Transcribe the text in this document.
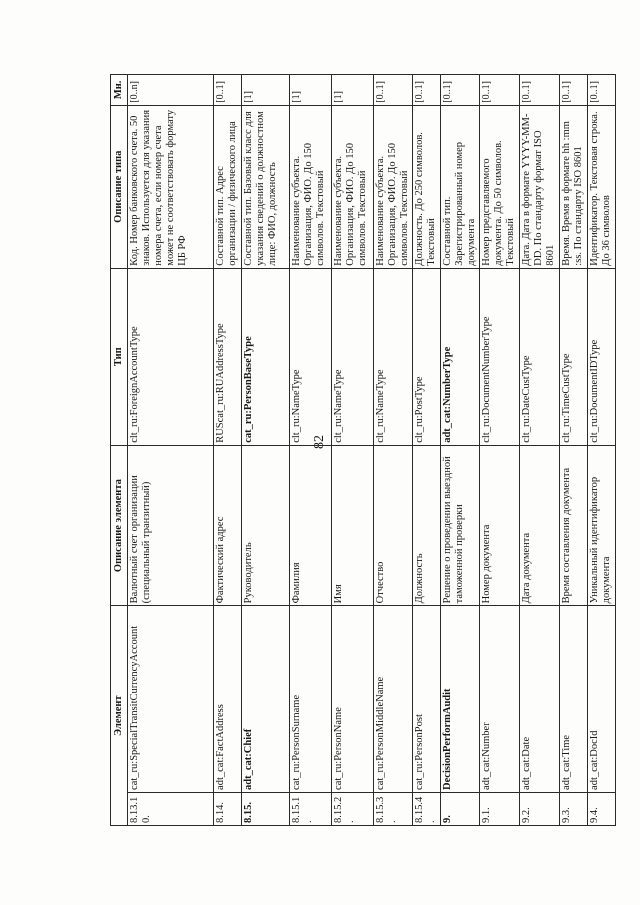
82
Элемент		Описание элемента	Тип	Описание типа	Мн.
8.13.10.	cat_ru:SpecialTransitCurrencyAccount	Валютный счет организации (специальный транзитный)	clt_ru:ForeignAccountType	Код. Номер банковского счета. 50 знаков. Используется для указания номера счета, если номер счета может не соответствовать формату ЦБ РФ	[0..n]
8.14.	adt_cat:FactAddress	Фактический адрес	RUScat_ru:RUAddressType	Составной тип. Адрес организации / физического лица	[0..1]
8.15.	adt_cat:Chief	Руководитель	cat_ru:PersonBaseType	Составной тип. Базовый класс для указания сведений о должностном лице: ФИО, должность	[1]
8.15.1.	cat_ru:PersonSurname	Фамилия	clt_ru:NameType	Наименование субъекта. Организация, ФИО. До 150 символов. Текстовый	[1]
8.15.2.	cat_ru:PersonName	Имя	clt_ru:NameType	Наименование субъекта. Организация, ФИО. До 150 символов. Текстовый	[1]
8.15.3.	cat_ru:PersonMiddleName	Отчество	clt_ru:NameType	Наименование субъекта. Организация, ФИО. До 150 символов. Текстовый	[0..1]
8.15.4.	cat_ru:PersonPost	Должность	clt_ru:PostType	Должность. До 250 символов. Текстовый	[0..1]
9.	DecisionPerformAudit	Решение о проведении выездной таможенной проверки	adt_cat:NumberType	Составной тип. Зарегистрированный номер документа	[0..1]
9.1.	adt_cat:Number	Номер документа	clt_ru:DocumentNumberType	Номер представляемого документа. До 50 символов. Текстовый	[0..1]
9.2.	adt_cat:Date	Дата документа	clt_ru:DateCustType	Дата. Дата в формате YYYY-MM-DD. По стандарту формат ISO 8601	[0..1]
9.3.	adt_cat:Time	Время составления документа	clt_ru:TimeCustType	Время. Время в формате hh :mm :ss. По стандарту ISO 8601	[0..1]
9.4.	adt_cat:DocId	Уникальный идентификатор документа	clt_ru:DocumentIDType	Идентификатор. Текстовая строка. До 36 символов	[0..1]
